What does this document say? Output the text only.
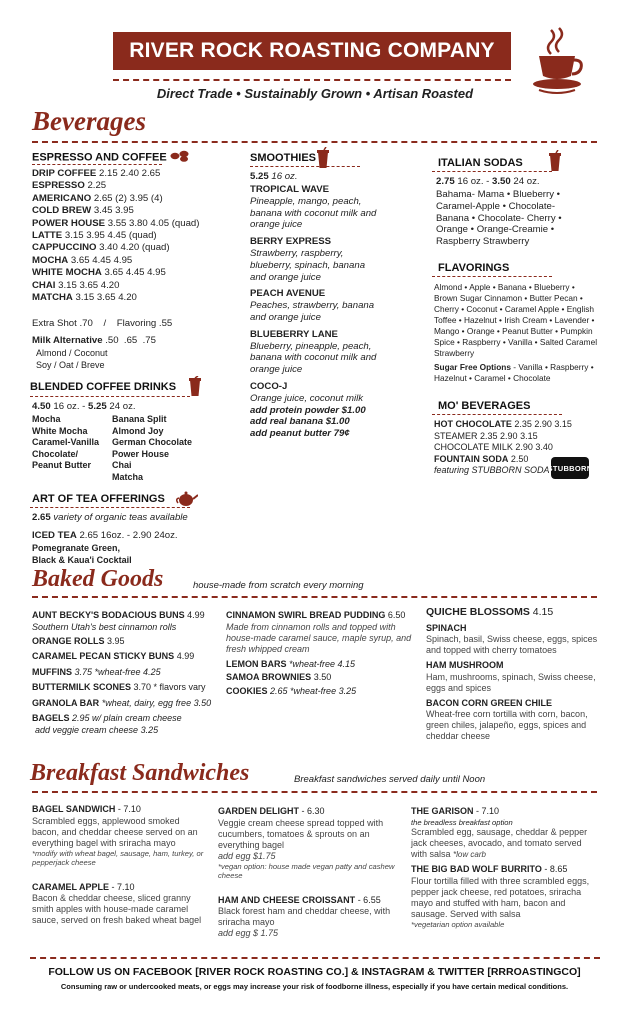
RIVER ROCK ROASTING COMPANY
Direct Trade • Sustainably Grown • Artisan Roasted
Beverages
ESPRESSO AND COFFEE
DRIP COFFEE 2.15 2.40 2.65
ESPRESSO 2.25
AMERICANO 2.65 (2) 3.95 (4)
COLD BREW 3.45 3.95
POWER HOUSE 3.55 3.80 4.05 (quad)
LATTE 3.15 3.95 4.45 (quad)
CAPPUCCINO 3.40 4.20 (quad)
MOCHA 3.65 4.45 4.95
WHITE MOCHA 3.65 4.45 4.95
CHAI 3.15 3.65 4.20
MATCHA 3.15 3.65 4.20
Extra Shot .70    /    Flavoring .55
Milk Alternative .50  .65  .75
Almond / Coconut
Soy / Oat / Breve
BLENDED COFFEE DRINKS
4.50 16 oz. - 5.25 24 oz.
Mocha
White Mocha
Caramel-Vanilla
Chocolate/
Peanut Butter
Banana Split
Almond Joy
German Chocolate
Power House
Chai
Matcha
ART OF TEA OFFERINGS
2.65 variety of organic teas available
ICED TEA 2.65 16oz. - 2.90 24oz.
Pomegranate Green,
Black & Kaua'i Cocktail
SMOOTHIES
5.25 16 oz.
TROPICAL WAVE
Pineapple, mango, peach, banana with coconut milk and orange juice
BERRY EXPRESS
Strawberry, raspberry, blueberry, spinach, banana and orange juice
PEACH AVENUE
Peaches, strawberry, banana and orange juice
BLUEBERRY LANE
Blueberry, pineapple, peach, banana with coconut milk and orange juice
COCO-J
Orange juice, coconut milk
add protein powder $1.00
add real banana $1.00
add peanut butter 79¢
ITALIAN SODAS
2.75 16 oz. - 3.50 24 oz.
Bahama- Mama • Blueberry • Caramel-Apple • Chocolate-Banana • Chocolate- Cherry • Orange • Orange-Creamie • Raspberry Strawberry
FLAVORINGS
Almond • Apple • Banana • Blueberry • Brown Sugar Cinnamon • Butter Pecan • Cherry • Coconut • Caramel Apple • English Toffee • Hazelnut • Irish Cream • Lavender • Mango • Orange • Peanut Butter • Pumpkin Spice • Raspberry • Vanilla • Salted Caramel Strawberry
Sugar Free Options - Vanilla • Raspberry • Hazelnut • Caramel • Chocolate
MO' BEVERAGES
HOT CHOCOLATE 2.35 2.90 3.15
STEAMER 2.35 2.90 3.15
CHOCOLATE MILK 2.90 3.40
FOUNTAIN SODA 2.50
featuring STUBBORN SODA
STUBBORN
Baked Goods	house-made from scratch every morning
AUNT BECKY'S BODACIOUS BUNS 4.99
Southern Utah's best cinnamon rolls
ORANGE ROLLS 3.95
CARAMEL PECAN STICKY BUNS 4.99
MUFFINS 3.75 *wheat-free 4.25
BUTTERMILK SCONES 3.70 * flavors vary
GRANOLA BAR *wheat, dairy, egg free 3.50
BAGELS 2.95 w/ plain cream cheese
add veggie cream cheese 3.25
CINNAMON SWIRL BREAD PUDDING 6.50
Made from cinnamon rolls and topped with house-made caramel sauce, maple syrup, and fresh whipped cream
LEMON BARS *wheat-free 4.15
SAMOA BROWNIES 3.50
COOKIES 2.65 *wheat-free 3.25
QUICHE BLOSSOMS 4.15
SPINACH
Spinach, basil, Swiss cheese, eggs, spices and topped with cherry tomatoes
HAM MUSHROOM
Ham, mushrooms, spinach, Swiss cheese, eggs and spices
BACON CORN GREEN CHILE
Wheat-free corn tortilla with corn, bacon, green chiles, jalapeño, eggs, spices and cheddar cheese
Breakfast Sandwiches	Breakfast sandwiches served daily until Noon
BAGEL SANDWICH - 7.10
Scrambled eggs, applewood smoked bacon, and cheddar cheese served on an everything bagel with sriracha mayo
*modify with wheat bagel, sausage, ham, turkey, or pepperjack cheese
CARAMEL APPLE - 7.10
Bacon & cheddar cheese, sliced granny smith apples with house-made caramel sauce, served on fresh baked wheat bagel
GARDEN DELIGHT - 6.30
Veggie cream cheese spread topped with cucumbers, tomatoes & sprouts on an everything bagel
add egg $1.75
*vegan option: house made vegan patty and cashew cheese
HAM AND CHEESE CROISSANT - 6.55
Black forest ham and cheddar cheese, with sriracha mayo
add egg $ 1.75
THE GARISON - 7.10
the breadless breakfast option
Scrambled egg, sausage, cheddar & pepper jack cheeses, avocado, and tomato served with salsa *low carb
THE BIG BAD WOLF BURRITO - 8.65
Flour tortilla filled with three scrambled eggs, pepper jack cheese, red potatoes, sriracha mayo and stuffed with ham, bacon and sausage. Served with salsa
*vegetarian option available
FOLLOW US ON FACEBOOK [RIVER ROCK ROASTING CO.] & INSTAGRAM & TWITTER [RRROASTINGCO]
Consuming raw or undercooked meats, or eggs may increase your risk of foodborne illness, especially if you have certain medical conditions.
